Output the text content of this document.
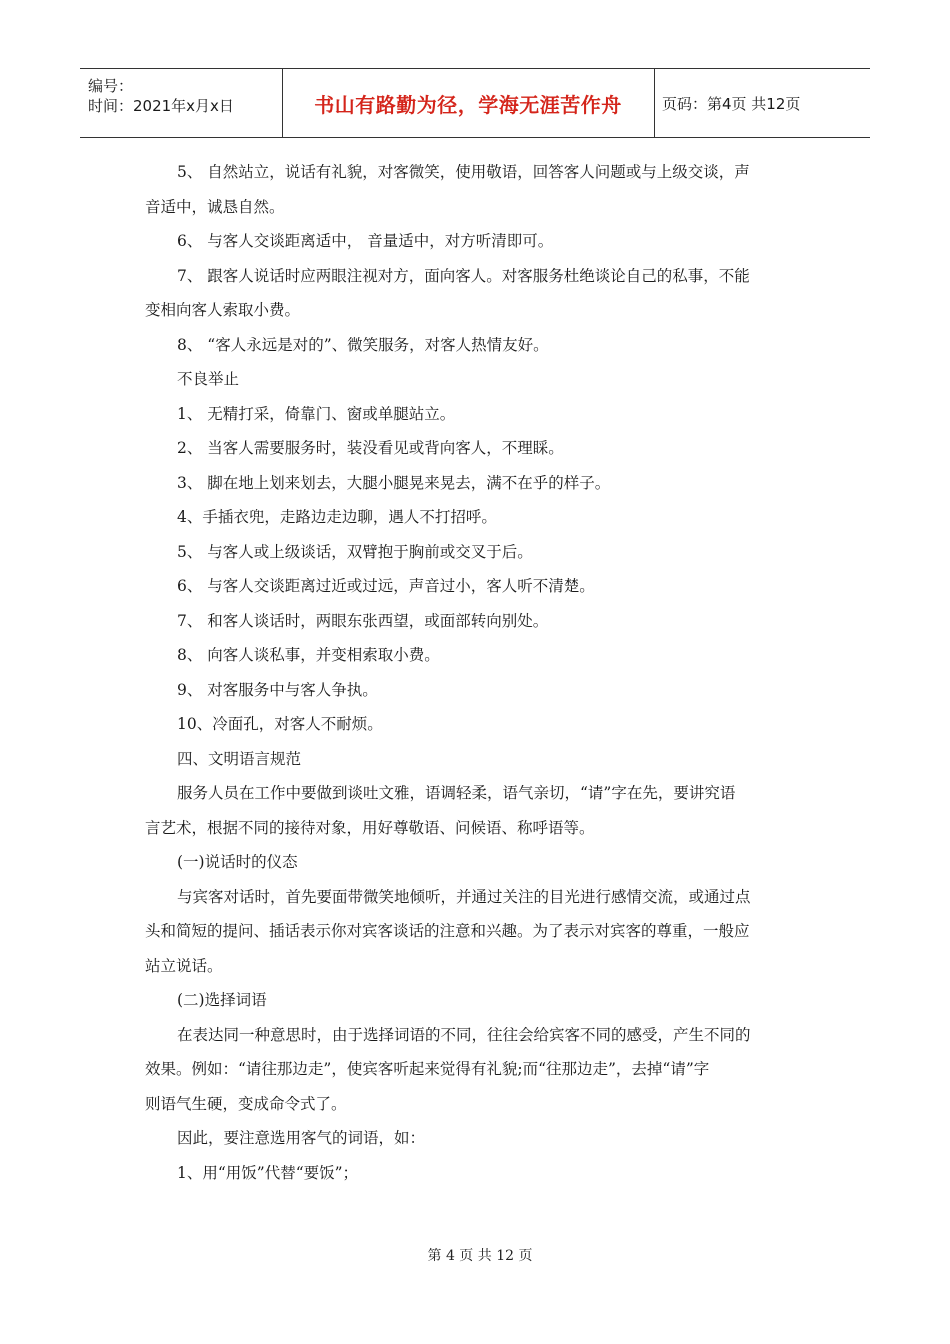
编号：
时间：2021年x月x日	书山有路勤为径，学海无涯苦作舟	页码：第4页 共12页

5、 自然站立，说话有礼貌，对客微笑，使用敬语，回答客人问题或与上级交谈，声

音适中，诚恳自然。

6、 与客人交谈距离适中， 音量适中，对方听清即可。

7、 跟客人说话时应两眼注视对方，面向客人。对客服务杜绝谈论自己的私事，不能

变相向客人索取小费。

8、 “客人永远是对的”、微笑服务，对客人热情友好。

不良举止

1、 无精打采，倚靠门、窗或单腿站立。

2、 当客人需要服务时，装没看见或背向客人，不理睬。

3、 脚在地上划来划去，大腿小腿晃来晃去，满不在乎的样子。

4、手插衣兜，走路边走边聊，遇人不打招呼。

5、 与客人或上级谈话，双臂抱于胸前或交叉于后。

6、 与客人交谈距离过近或过远，声音过小，客人听不清楚。

7、 和客人谈话时，两眼东张西望，或面部转向别处。

8、 向客人谈私事，并变相索取小费。

9、 对客服务中与客人争执。

10、冷面孔，对客人不耐烦。

四、文明语言规范

服务人员在工作中要做到谈吐文雅，语调轻柔，语气亲切，“请”字在先，要讲究语

言艺术，根据不同的接待对象，用好尊敬语、问候语、称呼语等。

(一)说话时的仪态

与宾客对话时，首先要面带微笑地倾听，并通过关注的目光进行感情交流，或通过点

头和简短的提问、插话表示你对宾客谈话的注意和兴趣。为了表示对宾客的尊重，一般应

站立说话。

(二)选择词语

在表达同一种意思时，由于选择词语的不同，往往会给宾客不同的感受，产生不同的

效果。例如：“请往那边走”，使宾客听起来觉得有礼貌;而“往那边走”，去掉“请”字

则语气生硬，变成命令式了。

因此，要注意选用客气的词语，如：

1、用“用饭”代替“要饭”；

第 4 页 共 12 页
